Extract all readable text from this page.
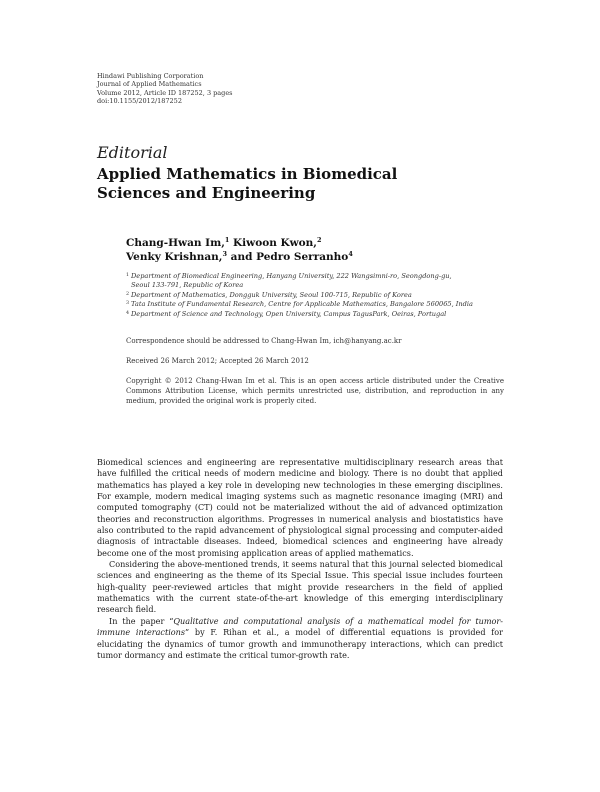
Hindawi Publishing Corporation
Journal of Applied Mathematics
Volume 2012, Article ID 187252, 3 pages
doi:10.1155/2012/187252
Editorial
Applied Mathematics in Biomedical
Sciences and Engineering
Chang-Hwan Im,$^1$ Kiwoon Kwon,$^2$
Venky Krishnan,$^3$ and Pedro Serranho$^4$
1 Department of Biomedical Engineering, Hanyang University, 222 Wangsimni-ro, Seongdong-gu,
Seoul 133-791, Republic of Korea
2 Department of Mathematics, Dongguk University, Seoul 100-715, Republic of Korea
3 Tata Institute of Fundamental Research, Centre for Applicable Mathematics, Bangalore 560065, India
4 Department of Science and Technology, Open University, Campus TagusPark, Oeiras, Portugal
Correspondence should be addressed to Chang-Hwan Im, ich@hanyang.ac.kr
Received 26 March 2012; Accepted 26 March 2012
Copyright © 2012 Chang-Hwan Im et al. This is an open access article distributed under the Creative Commons Attribution License, which permits unrestricted use, distribution, and reproduction in any medium, provided the original work is properly cited.

Biomedical sciences and engineering are representative multidisciplinary research areas that have fulfilled the critical needs of modern medicine and biology. There is no doubt that applied mathematics has played a key role in developing new technologies in these emerging disciplines. For example, modern medical imaging systems such as magnetic resonance imaging (MRI) and computed tomography (CT) could not be materialized without the aid of advanced optimization theories and reconstruction algorithms. Progresses in numerical analysis and biostatistics have also contributed to the rapid advancement of physiological signal processing and computer-aided diagnosis of intractable diseases. Indeed, biomedical sciences and engineering have already become one of the most promising application areas of applied mathematics.

Considering the above-mentioned trends, it seems natural that this journal selected biomedical sciences and engineering as the theme of its Special Issue. This special issue includes fourteen high-quality peer-reviewed articles that might provide researchers in the field of applied mathematics with the current state-of-the-art knowledge of this emerging interdisciplinary research field.

In the paper “Qualitative and computational analysis of a mathematical model for tumor-immune interactions” by F. Rihan et al., a model of differential equations is provided for elucidating the dynamics of tumor growth and immunotherapy interactions, which can predict tumor dormancy and estimate the critical tumor-growth rate.
